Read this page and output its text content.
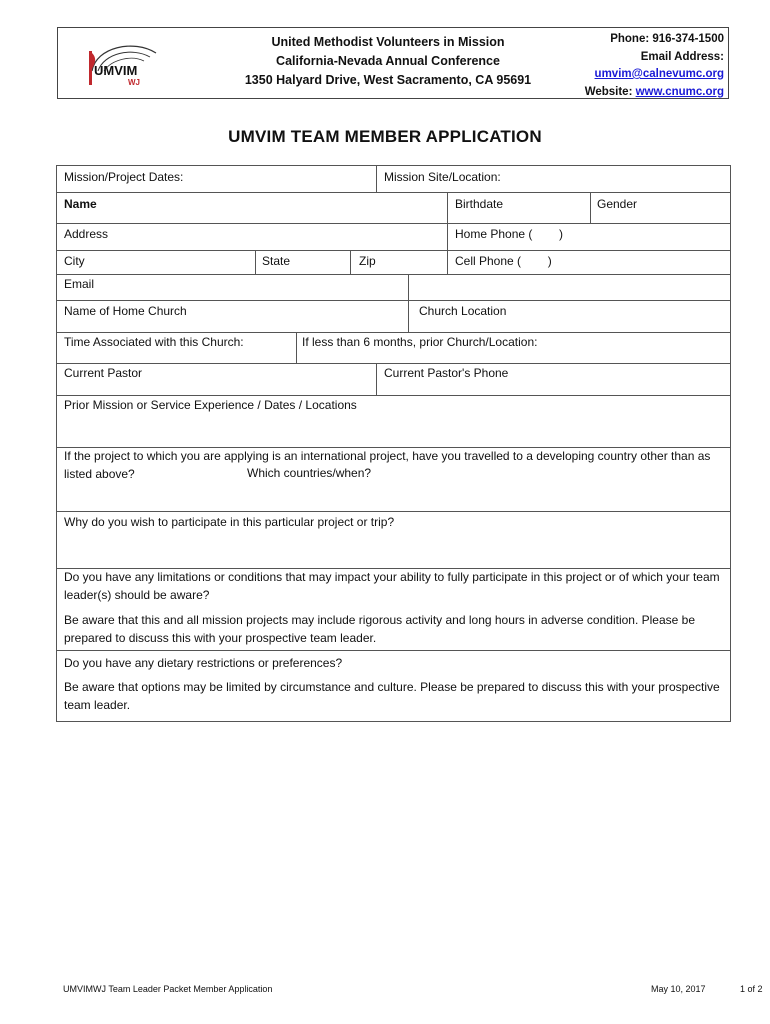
UMVIM
WJ
United Methodist Volunteers in Mission
California-Nevada Annual Conference
1350 Halyard Drive, West Sacramento, CA 95691
Phone: 916-374-1500
Email Address:
umvim@calnevumc.org
Website: www.cnumc.org
UMVIM TEAM MEMBER APPLICATION
Mission/Project Dates:	Mission Site/Location:
Name	Birthdate	Gender
Address	Home Phone (        )
City	State	Zip	Cell Phone (        )
Email
Name of Home Church	Church Location
Time Associated with this Church:	If less than 6 months, prior Church/Location:
Current Pastor	Current Pastor's Phone
Prior Mission or Service Experience / Dates / Locations
If the project to which you are applying is an international project, have you travelled to a developing country other than as listed above?	Which countries/when?
Why do you wish to participate in this particular project or trip?
Do you have any limitations or conditions that may impact your ability to fully participate in this project or of which your team leader(s) should be aware?
Be aware that this and all mission projects may include rigorous activity and long hours in adverse condition. Please be prepared to discuss this with your prospective team leader.
Do you have any dietary restrictions or preferences?
Be aware that options may be limited by circumstance and culture. Please be prepared to discuss this with your prospective team leader.
UMVIMWJ Team Leader Packet Member Application	May 10, 2017	1 of 2
